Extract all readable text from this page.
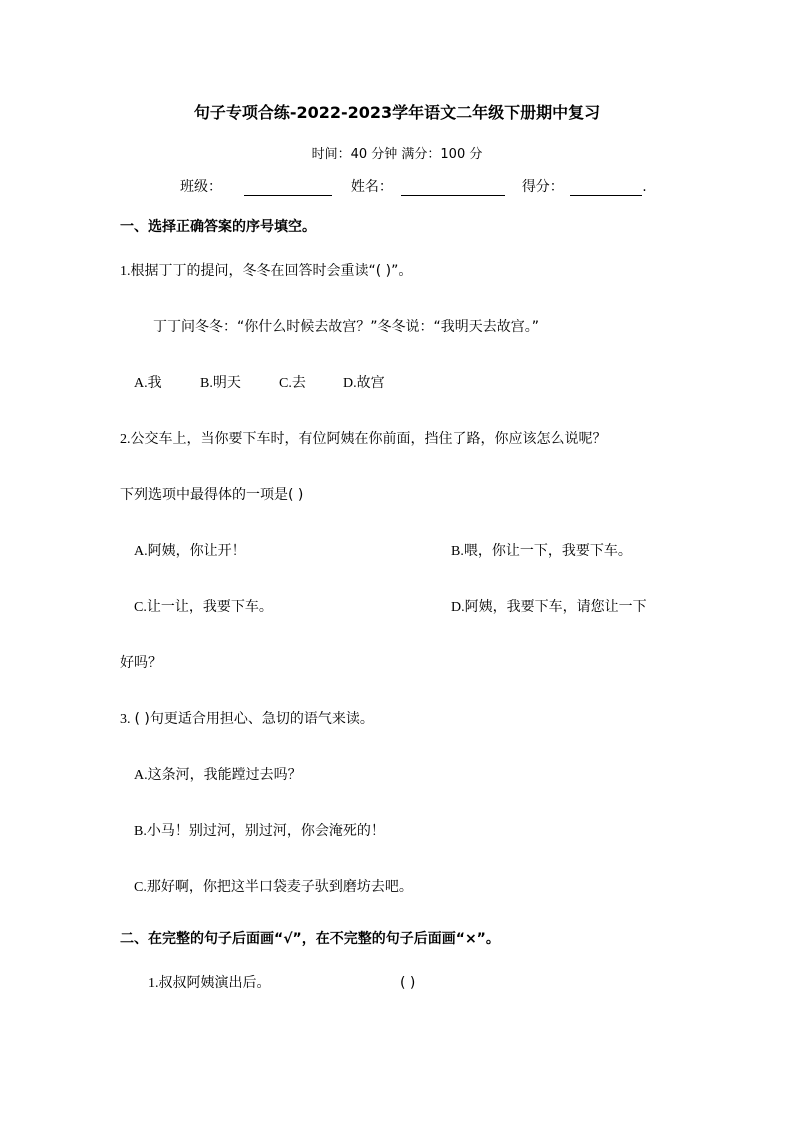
句子专项合练-2022-2023学年语文二年级下册期中复习
时间：40 分钟 满分：100 分
班级：	姓名：	得分：	.
一、选择正确答案的序号填空。
1.根据丁丁的提问，冬冬在回答时会重读“( )”。
丁丁问冬冬：“你什么时候去故宫？”冬冬说：“我明天去故宫。”
A.我	B.明天	C.去	D.故宫
2.公交车上，当你要下车时，有位阿姨在你前面，挡住了路，你应该怎么说呢？
下列选项中最得体的一项是( )
A.阿姨，你让开！	B.喂，你让一下，我要下车。
C.让一让，我要下车。	D.阿姨，我要下车，请您让一下
好吗？
3. ( )句更适合用担心、急切的语气来读。
A.这条河，我能蹚过去吗？
B.小马！别过河，别过河，你会淹死的！
C.那好啊，你把这半口袋麦子驮到磨坊去吧。
二、在完整的句子后面画“√”，在不完整的句子后面画“×”。
1.叔叔阿姨演出后。	( )
